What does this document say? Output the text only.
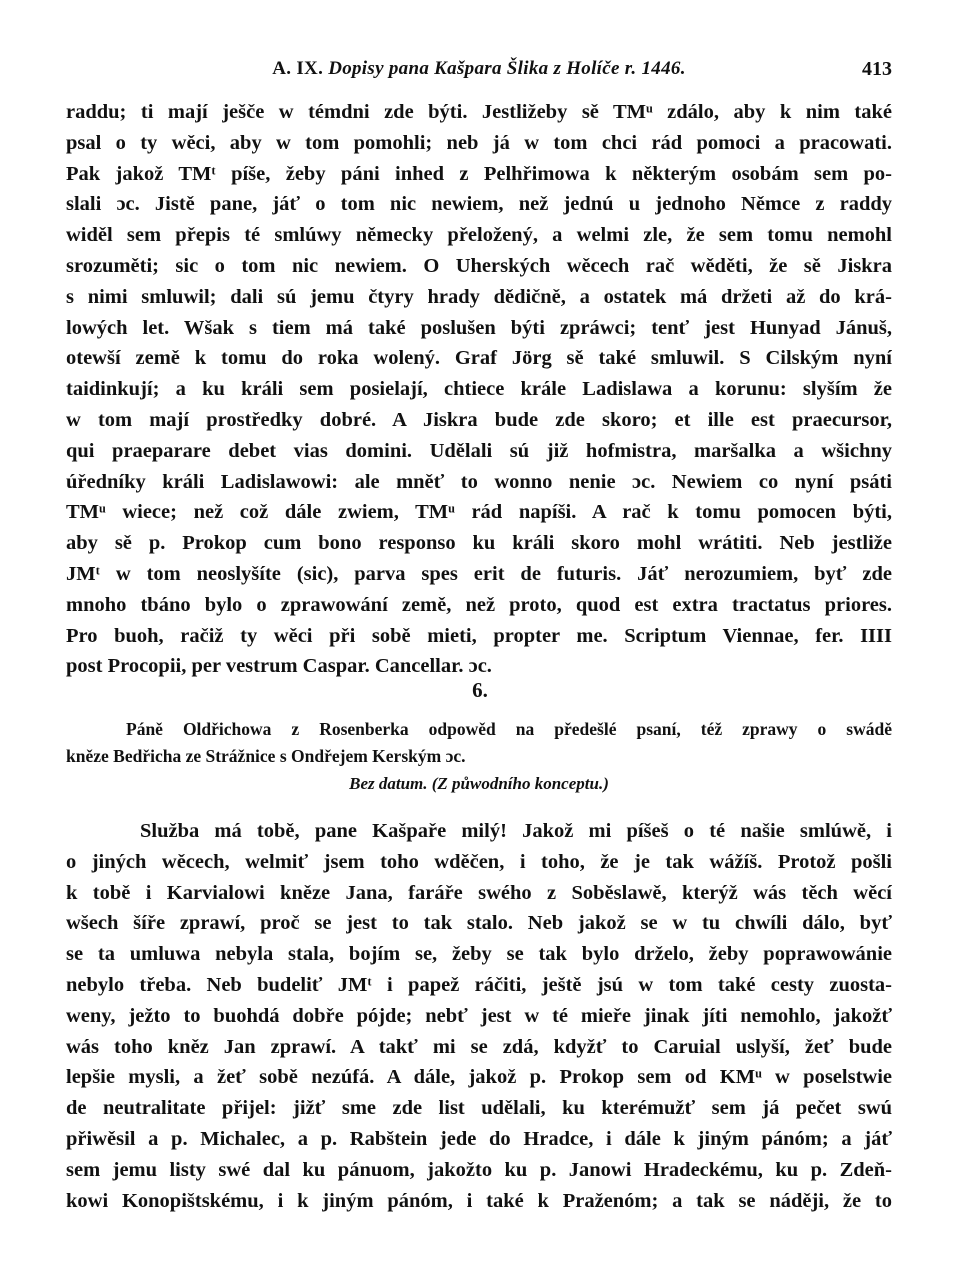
A. IX. Dopisy pana Kašpara Šlika z Holíče r. 1446.	413
raddu; ti mají ješče w témdni zde býti. Jestližeby sě TMᵘ zdálo, aby k nim také
psal o ty wěci, aby w tom pomohli; neb já w tom chci rád pomoci a pracowati.
Pak jakož TMᵗ píše, žeby páni inhed z Pelhřimowa k některým osobám sem po-
slali ɔc. Jistě pane, jáť o tom nic newiem, než jednú u jednoho Němce z raddy
widěl sem přepis té smlúwy německy přeložený, a welmi zle, že sem tomu nemohl
srozuměti; sic o tom nic newiem. O Uherských wěcech rač wěděti, že sě Jiskra
s nimi smluwil; dali sú jemu čtyry hrady dědičně, a ostatek má držeti až do krá-
lowých let. Wšak s tiem má také poslušen býti zpráwci; tenť jest Hunyad Jánuš,
otewší země k tomu do roka wolený. Graf Jörg sě také smluwil. S Cilským nyní
taidinkují; a ku králi sem posielají, chtiece krále Ladislawa a korunu: slyším že
w tom mají prostředky dobré. A Jiskra bude zde skoro; et ille est praecursor,
qui praeparare debet vias domini. Udělali sú již hofmistra, maršalka a wšichny
úředníky králi Ladislawowi: ale mněť to wonno nenie ɔc. Newiem co nyní psáti
TMᵘ wiece; než což dále zwiem, TMᵘ rád napíši. A rač k tomu pomocen býti,
aby sě p. Prokop cum bono responso ku králi skoro mohl wrátiti. Neb jestliže
JMᵗ w tom neoslyšíte (sic), parva spes erit de futuris. Jáť nerozumiem, byť zde
mnoho tbáno bylo o zprawowání země, než proto, quod est extra tractatus priores.
Pro buoh, račiž ty wěci při sobě mieti, propter me. Scriptum Viennae, fer. IIII
post Procopii, per vestrum Caspar. Cancellar. ɔc.
6.
Páně Oldřichowa z Rosenberka odpowěd na předešlé psaní, též zprawy o swádě
kněze Bedřicha ze Strážnice s Ondřejem Kerským ɔc.
Bez datum. (Z půwodního konceptu.)
Služba má tobě, pane Kašpaře milý! Jakož mi píšeš o té našie smlúwě, i
o jiných wěcech, welmiť jsem toho wděčen, i toho, že je tak wážíš. Protož pošli
k tobě i Karvialowi kněze Jana, faráře swého z Soběslawě, kterýž wás těch wěcí
wšech šíře zprawí, proč se jest to tak stalo. Neb jakož se w tu chwíli dálo, byť
se ta umluwa nebyla stala, bojím se, žeby se tak bylo drželo, žeby poprawowánie
nebylo třeba. Neb budeliť JMᵗ i papež ráčiti, ještě jsú w tom také cesty zuosta-
weny, ježto to buohdá dobře pójde; nebť jest w té mieře jinak jíti nemohlo, jakožť
wás toho kněz Jan zprawí. A takť mi se zdá, kdyžť to Caruial uslyší, žeť bude
lepšie mysli, a žeť sobě nezúfá. A dále, jakož p. Prokop sem od KMᵘ w poselstwie
de neutralitate přijel: jižť sme zde list udělali, ku kterémužť sem já pečet swú
přiwěsil a p. Michalec, a p. Rabštein jede do Hradce, i dále k jiným pánóm; a jáť
sem jemu listy swé dal ku pánuom, jakožto ku p. Janowi Hradeckému, ku p. Zdeň-
kowi Konopištskému, i k jiným pánóm, i také k Praženóm; a tak se náději, že to
